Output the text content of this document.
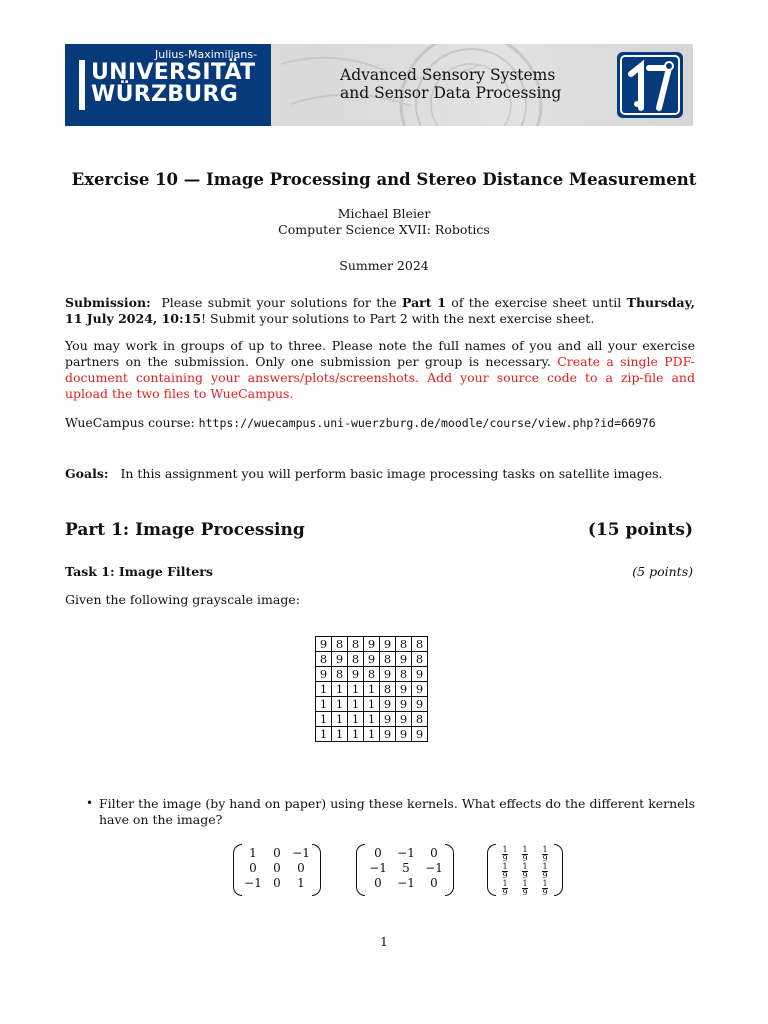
Julius-Maximilians-
UNIVERSITÄT
WÜRZBURG
Advanced Sensory Systems
and Sensor Data Processing
Exercise 10 — Image Processing and Stereo Distance Measurement
Michael Bleier
Computer Science XVII: Robotics
Summer 2024
Submission: Please submit your solutions for the Part 1 of the exercise sheet until Thursday, 11 July 2024, 10:15! Submit your solutions to Part 2 with the next exercise sheet.
You may work in groups of up to three. Please note the full names of you and all your exercise partners on the submission. Only one submission per group is necessary. Create a single PDF-document containing your answers/plots/screenshots. Add your source code to a zip-file and upload the two files to WueCampus.
WueCampus course: https://wuecampus.uni-wuerzburg.de/moodle/course/view.php?id=66976
Goals: In this assignment you will perform basic image processing tasks on satellite images.
Part 1: Image Processing	(15 points)
Task 1: Image Filters	(5 points)
Given the following grayscale image:
9	8	8	9	9	8	8
8	9	8	9	8	9	8
9	8	9	8	9	8	9
1	1	1	1	8	9	9
1	1	1	1	9	9	9
1	1	1	1	9	9	8
1	1	1	1	9	9	9
• Filter the image (by hand on paper) using these kernels. What effects do the different kernels have on the image?
1	0	−1
0	0	0
−1	0	1
0	−1	0
−1	5	−1
0	−1	0
$\frac{1}{9}$	$\frac{1}{9}$	$\frac{1}{9}$

$\frac{1}{9}$	$\frac{1}{9}$	$\frac{1}{9}$

$\frac{1}{9}$	$\frac{1}{9}$	$\frac{1}{9}$
1
